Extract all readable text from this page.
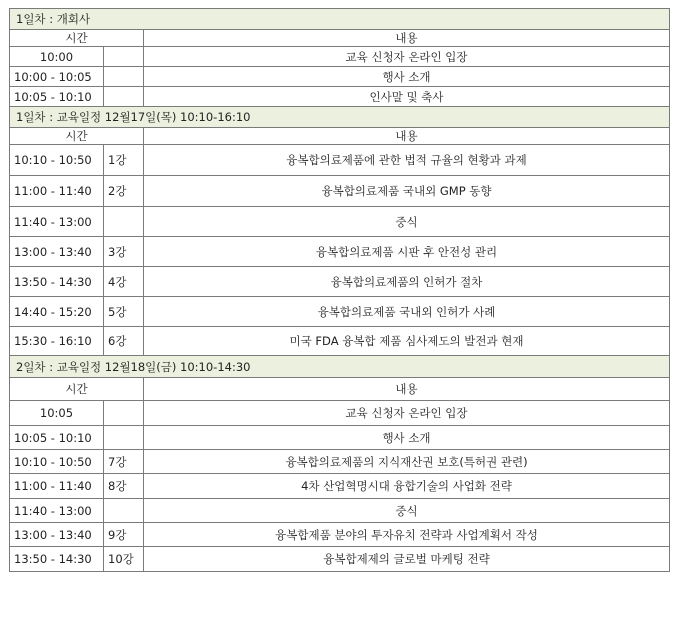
1일차 : 개회사		
시간		내용
10:00		교육 신청자 온라인 입장
10:00 - 10:05		행사 소개
10:05 - 10:10		인사말 및 축사
1일차 : 교육일정 12월17일(목) 10:10-16:10		
시간		내용
10:10 - 10:50	1강	융복합의료제품에 관한 법적 규율의 현황과 과제
11:00 - 11:40	2강	융복합의료제품 국내외 GMP 동향
11:40 - 13:00		중식
13:00 - 13:40	3강	융복합의료제품 시판 후 안전성 관리
13:50 - 14:30	4강	융복합의료제품의 인허가 절차
14:40 - 15:20	5강	융복합의료제품 국내외 인허가 사례
15:30 - 16:10	6강	미국 FDA 융복합 제품 심사제도의 발전과 현재
2일차 : 교육일정 12월18일(금) 10:10-14:30		
시간		내용
10:05		교육 신청자 온라인 입장
10:05 - 10:10		행사 소개
10:10 - 10:50	7강	융복합의료제품의 지식재산권 보호(특허권 관련)
11:00 - 11:40	8강	4차 산업혁명시대 융합기술의 사업화 전략
11:40 - 13:00		중식
13:00 - 13:40	9강	융복합제품 분야의 투자유치 전략과 사업계획서 작성
13:50 - 14:30	10강	융복합제제의 글로벌 마케팅 전략
